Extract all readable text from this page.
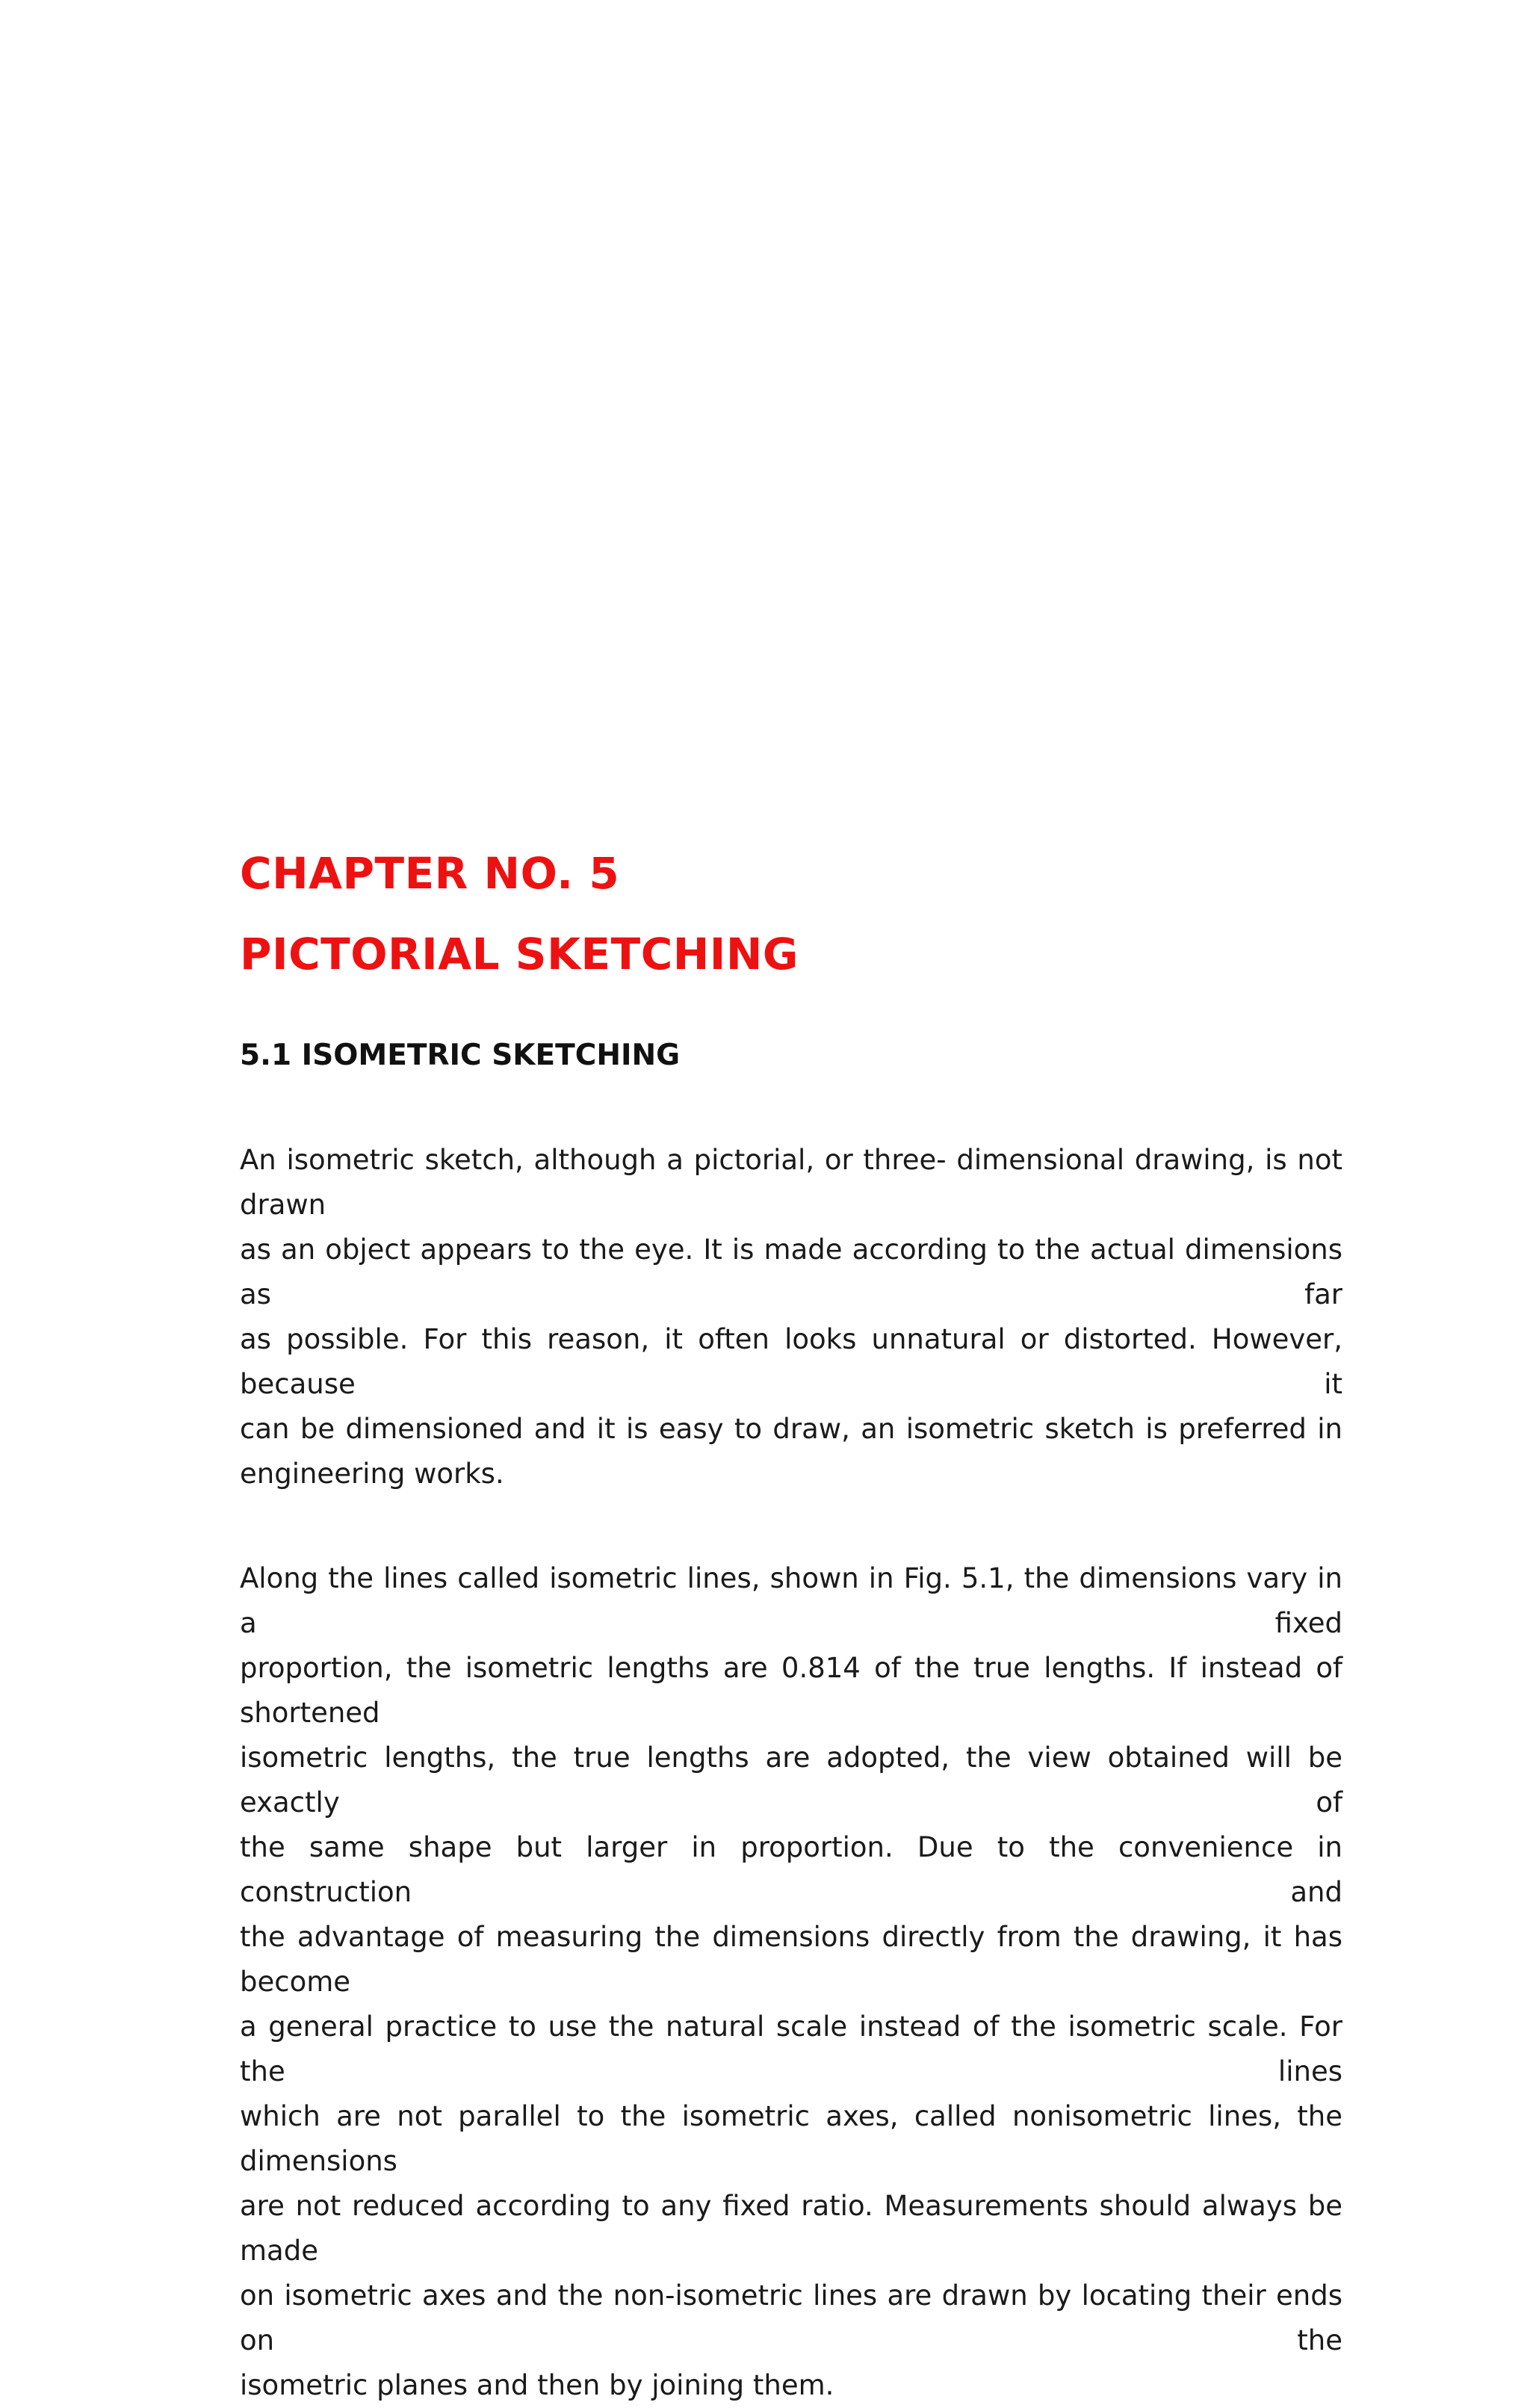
CHAPTER NO. 5
PICTORIAL SKETCHING
5.1 ISOMETRIC SKETCHING

An isometric sketch, although a pictorial, or three- dimensional drawing, is not drawn
as an object appears to the eye. It is made according to the actual dimensions as far
as possible. For this reason, it often looks unnatural or distorted. However, because it
can be dimensioned and it is easy to draw, an isometric sketch is preferred in
engineering works.

Along the lines called isometric lines, shown in Fig. 5.1, the dimensions vary in a fixed
proportion, the isometric lengths are 0.814 of the true lengths. If instead of shortened
isometric lengths, the true lengths are adopted, the view obtained will be exactly of
the same shape but larger in proportion. Due to the convenience in construction and
the advantage of measuring the dimensions directly from the drawing, it has become
a general practice to use the natural scale instead of the isometric scale. For the lines
which are not parallel to the isometric axes, called nonisometric lines, the dimensions
are not reduced according to any fixed ratio. Measurements should always be made
on isometric axes and the non-isometric lines are drawn by locating their ends on the
isometric planes and then by joining them.
